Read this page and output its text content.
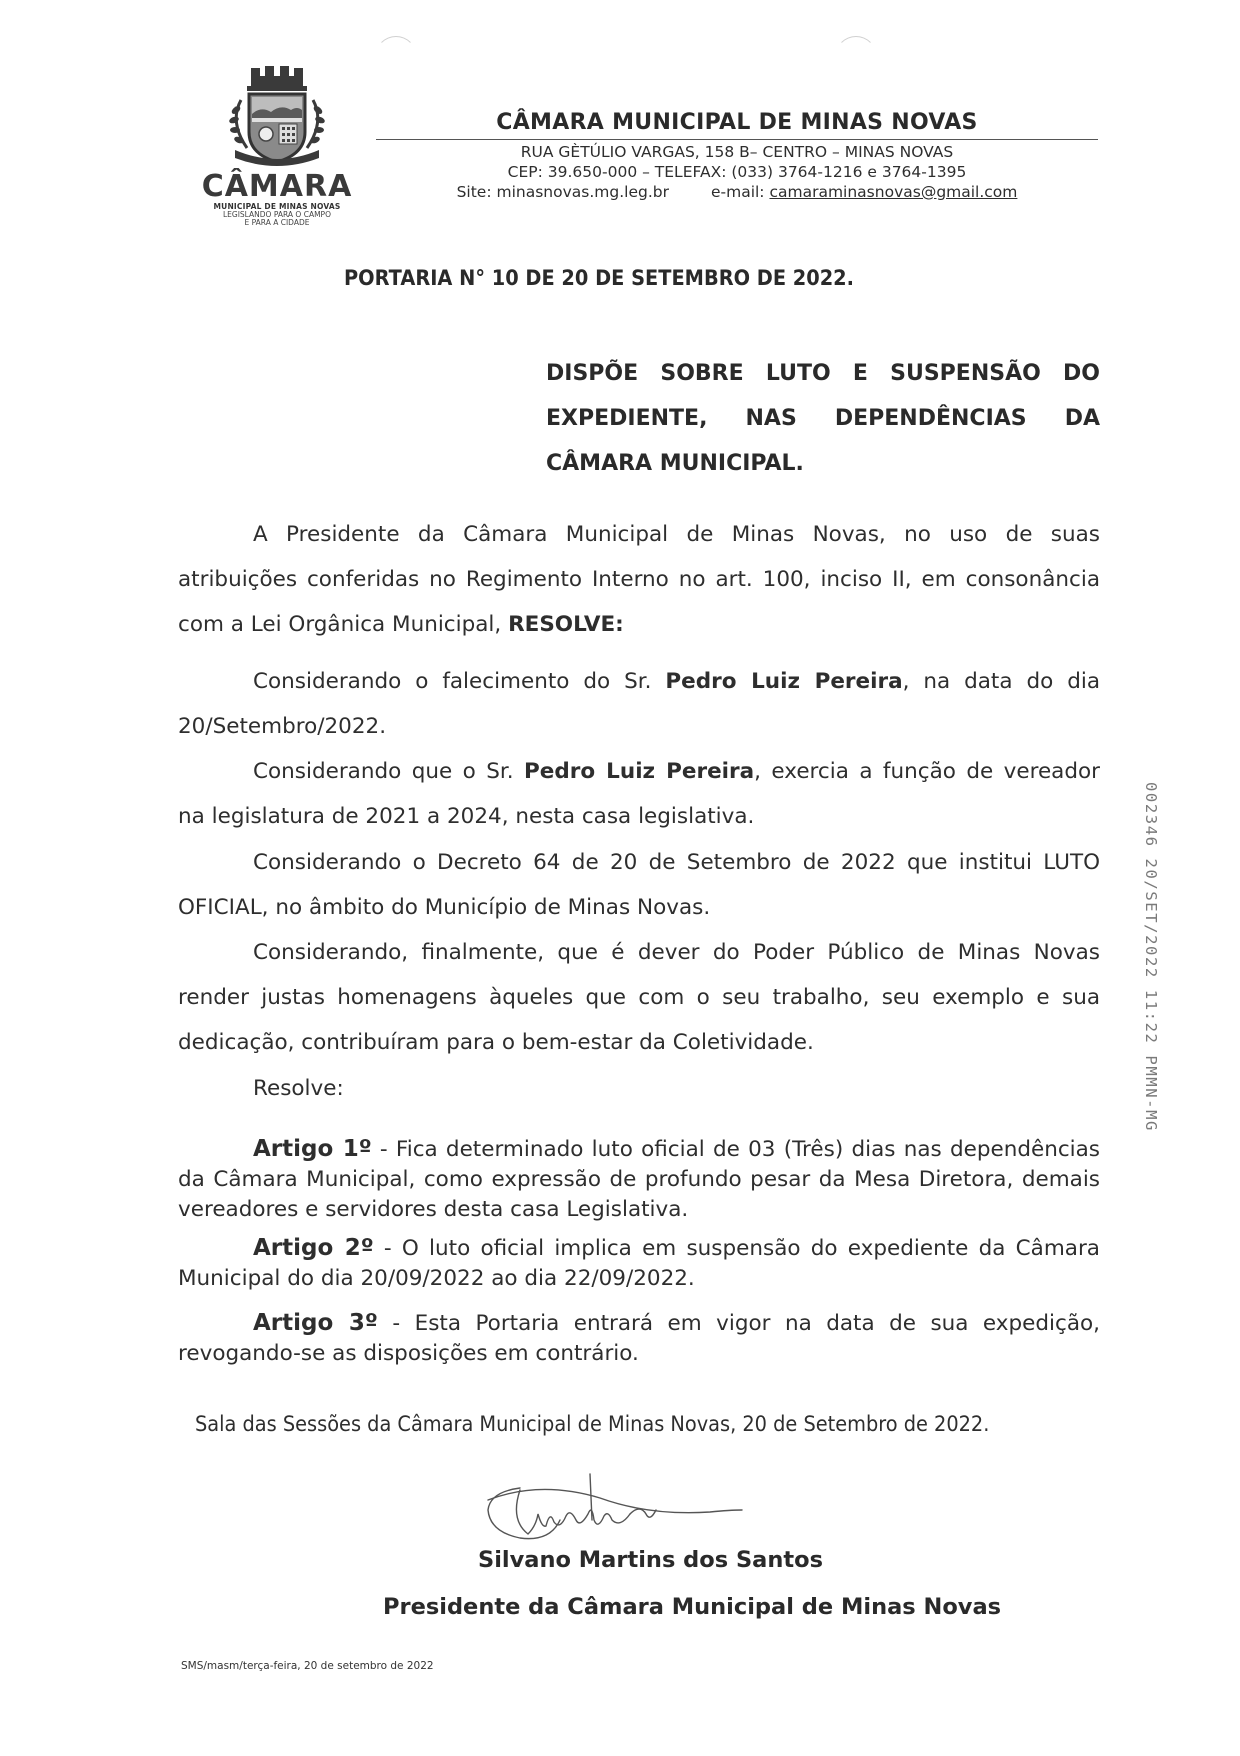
CÂMARA
MUNICIPAL DE MINAS NOVAS
LEGISLANDO PARA O CAMPO
E PARA A CIDADE
CÂMARA MUNICIPAL DE MINAS NOVAS
RUA GÈTÚLIO VARGAS, 158 B– CENTRO – MINAS NOVAS
CEP: 39.650-000 – TELEFAX: (033) 3764-1216 e 3764-1395
Site: minasnovas.mg.leg.br	e-mail: camaraminasnovas@gmail.com
PORTARIA N° 10 DE 20 DE SETEMBRO DE 2022.
DISPÕE SOBRE LUTO E SUSPENSÃO DO
EXPEDIENTE, NAS DEPENDÊNCIAS DA
CÂMARA MUNICIPAL.
A Presidente da Câmara Municipal de Minas Novas, no uso de suas
atribuições conferidas no Regimento Interno no art. 100, inciso II, em consonância
com a Lei Orgânica Municipal, RESOLVE:
Considerando o falecimento do Sr. Pedro Luiz Pereira, na data do dia
20/Setembro/2022.
Considerando que o Sr. Pedro Luiz Pereira, exercia a função de vereador
na legislatura de 2021 a 2024, nesta casa legislativa.
Considerando o Decreto 64 de 20 de Setembro de 2022 que institui LUTO
OFICIAL, no âmbito do Município de Minas Novas.
Considerando, finalmente, que é dever do Poder Público de Minas Novas
render justas homenagens àqueles que com o seu trabalho, seu exemplo e sua
dedicação, contribuíram para o bem-estar da Coletividade.
Resolve:
Artigo 1º - Fica determinado luto oficial de 03 (Três) dias nas dependências
da Câmara Municipal, como expressão de profundo pesar da Mesa Diretora, demais
vereadores e servidores desta casa Legislativa.
Artigo 2º - O luto oficial implica em suspensão do expediente da Câmara
Municipal do dia 20/09/2022 ao dia 22/09/2022.
Artigo 3º - Esta Portaria entrará em vigor na data de sua expedição,
revogando-se as disposições em contrário.
Sala das Sessões da Câmara Municipal de Minas Novas, 20 de Setembro de 2022.
Silvano Martins dos Santos
Presidente da Câmara Municipal de Minas Novas
SMS/masm/terça-feira, 20 de setembro de 2022
002346 20/SET/2022 11:22 PMMN-MG
